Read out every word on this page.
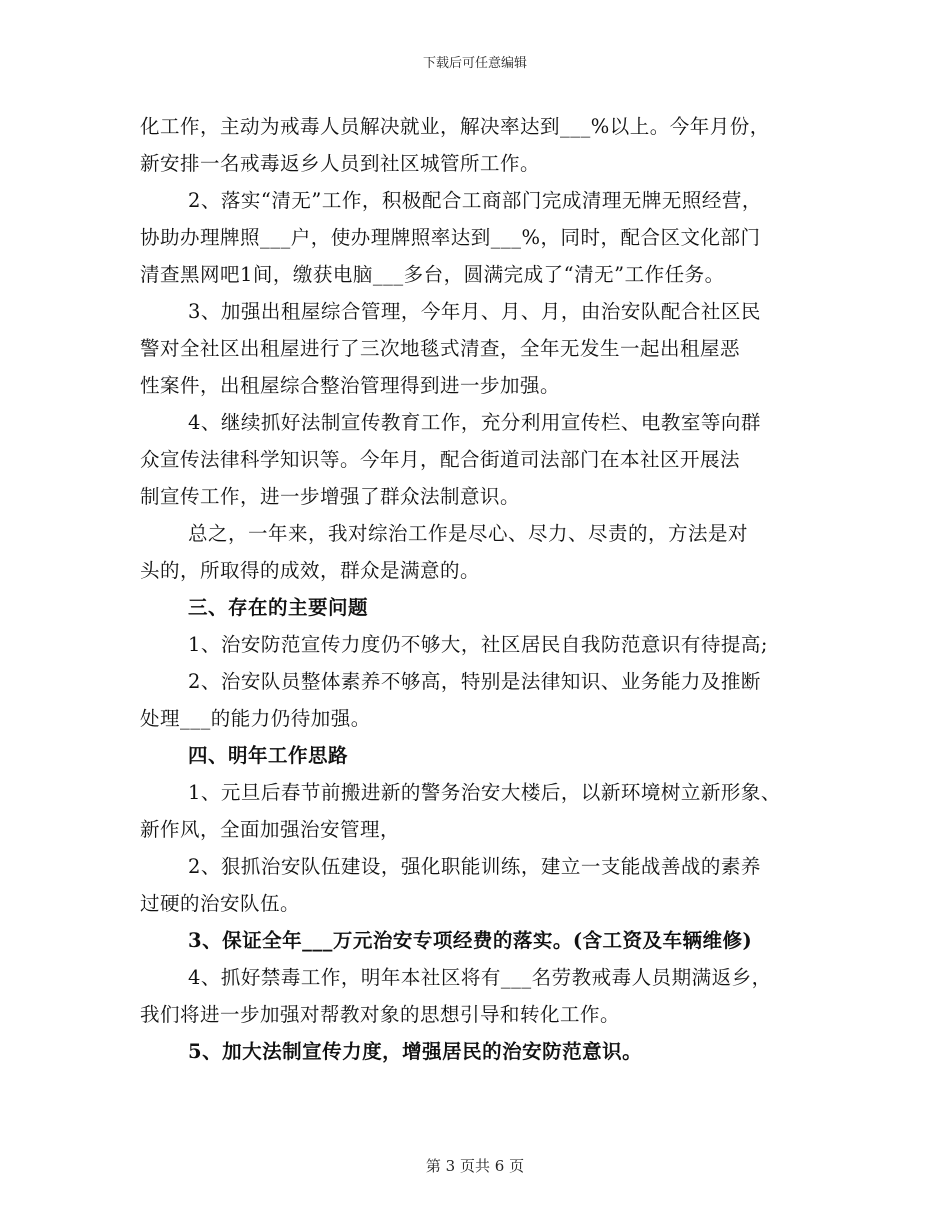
下载后可任意编辑
化工作，主动为戒毒人员解决就业，解决率达到___%以上。今年月份，
新安排一名戒毒返乡人员到社区城管所工作。
2、落实“清无”工作，积极配合工商部门完成清理无牌无照经营，
协助办理牌照___户，使办理牌照率达到___%，同时，配合区文化部门
清查黑网吧1间，缴获电脑___多台，圆满完成了“清无”工作任务。
3、加强出租屋综合管理，今年月、月、月，由治安队配合社区民
警对全社区出租屋进行了三次地毯式清查，全年无发生一起出租屋恶
性案件，出租屋综合整治管理得到进一步加强。
4、继续抓好法制宣传教育工作，充分利用宣传栏、电教室等向群
众宣传法律科学知识等。今年月，配合街道司法部门在本社区开展法
制宣传工作，进一步增强了群众法制意识。
总之，一年来，我对综治工作是尽心、尽力、尽责的，方法是对
头的，所取得的成效，群众是满意的。
三、存在的主要问题
1、治安防范宣传力度仍不够大，社区居民自我防范意识有待提高;
2、治安队员整体素养不够高，特别是法律知识、业务能力及推断
处理___的能力仍待加强。
四、明年工作思路
1、元旦后春节前搬进新的警务治安大楼后，以新环境树立新形象、
新作风，全面加强治安管理，
2、狠抓治安队伍建设，强化职能训练，建立一支能战善战的素养
过硬的治安队伍。
3、保证全年___万元治安专项经费的落实。(含工资及车辆维修)
4、抓好禁毒工作，明年本社区将有___名劳教戒毒人员期满返乡，
我们将进一步加强对帮教对象的思想引导和转化工作。
5、加大法制宣传力度，增强居民的治安防范意识。
第 3 页共 6 页
